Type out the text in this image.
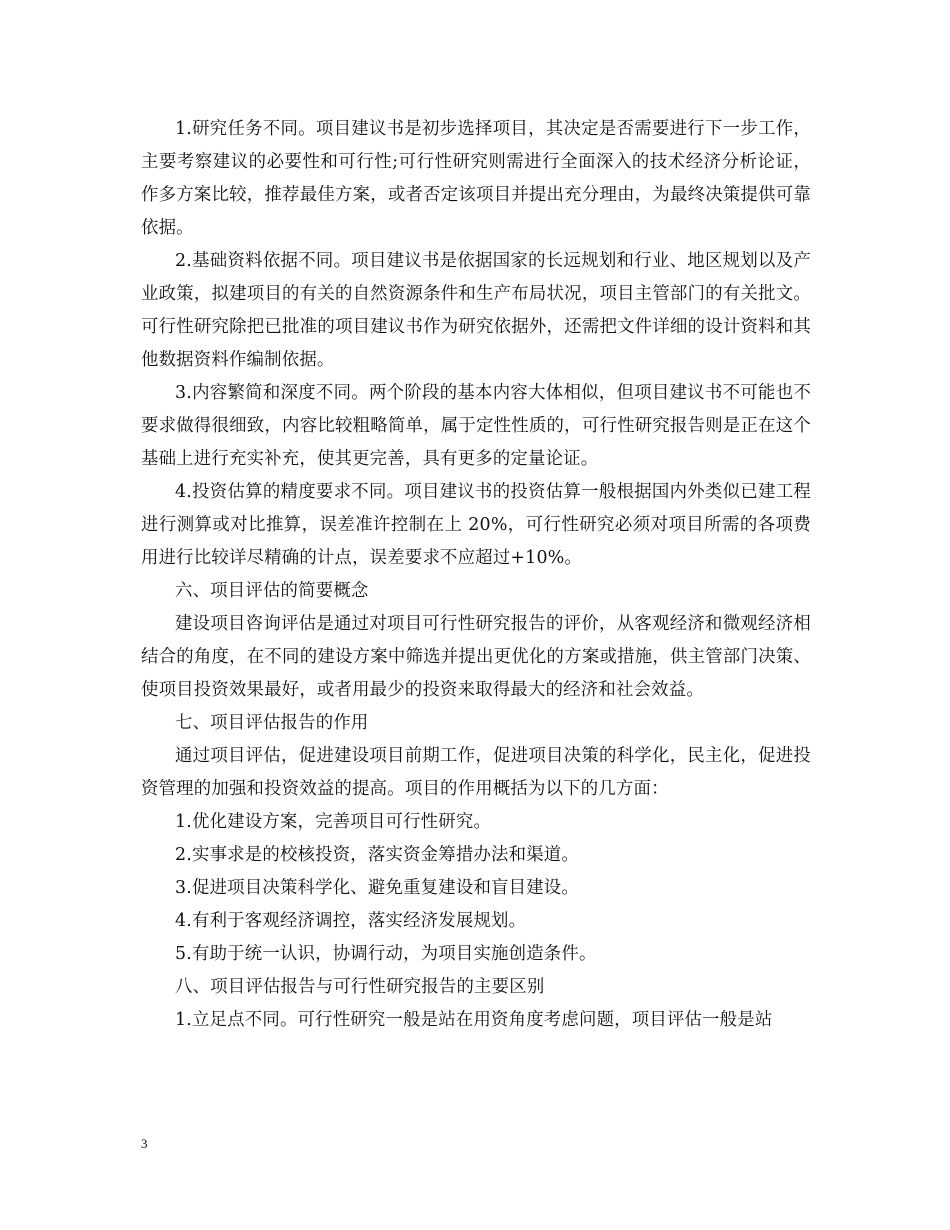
1.研究任务不同。项目建议书是初步选择项目，其决定是否需要进行下一步工作，主要考察建议的必要性和可行性;可行性研究则需进行全面深入的技术经济分析论证，作多方案比较，推荐最佳方案，或者否定该项目并提出充分理由，为最终决策提供可靠依据。

2.基础资料依据不同。项目建议书是依据国家的长远规划和行业、地区规划以及产业政策，拟建项目的有关的自然资源条件和生产布局状况，项目主管部门的有关批文。可行性研究除把已批准的项目建议书作为研究依据外，还需把文件详细的设计资料和其他数据资料作编制依据。

3.内容繁简和深度不同。两个阶段的基本内容大体相似，但项目建议书不可能也不要求做得很细致，内容比较粗略简单，属于定性性质的，可行性研究报告则是正在这个基础上进行充实补充，使其更完善，具有更多的定量论证。

4.投资估算的精度要求不同。项目建议书的投资估算一般根据国内外类似已建工程进行测算或对比推算，误差准许控制在上 20%，可行性研究必须对项目所需的各项费用进行比较详尽精确的计点，误差要求不应超过+10%。

六、项目评估的简要概念

建设项目咨询评估是通过对项目可行性研究报告的评价，从客观经济和微观经济相结合的角度，在不同的建设方案中筛选并提出更优化的方案或措施，供主管部门决策、使项目投资效果最好，或者用最少的投资来取得最大的经济和社会效益。

七、项目评估报告的作用

通过项目评估，促进建设项目前期工作，促进项目决策的科学化，民主化，促进投资管理的加强和投资效益的提高。项目的作用概括为以下的几方面：

1.优化建设方案，完善项目可行性研究。

2.实事求是的校核投资，落实资金筹措办法和渠道。

3.促进项目决策科学化、避免重复建设和盲目建设。

4.有利于客观经济调控，落实经济发展规划。

5.有助于统一认识，协调行动，为项目实施创造条件。

八、项目评估报告与可行性研究报告的主要区别

1.立足点不同。可行性研究一般是站在用资角度考虑问题，项目评估一般是站

3
